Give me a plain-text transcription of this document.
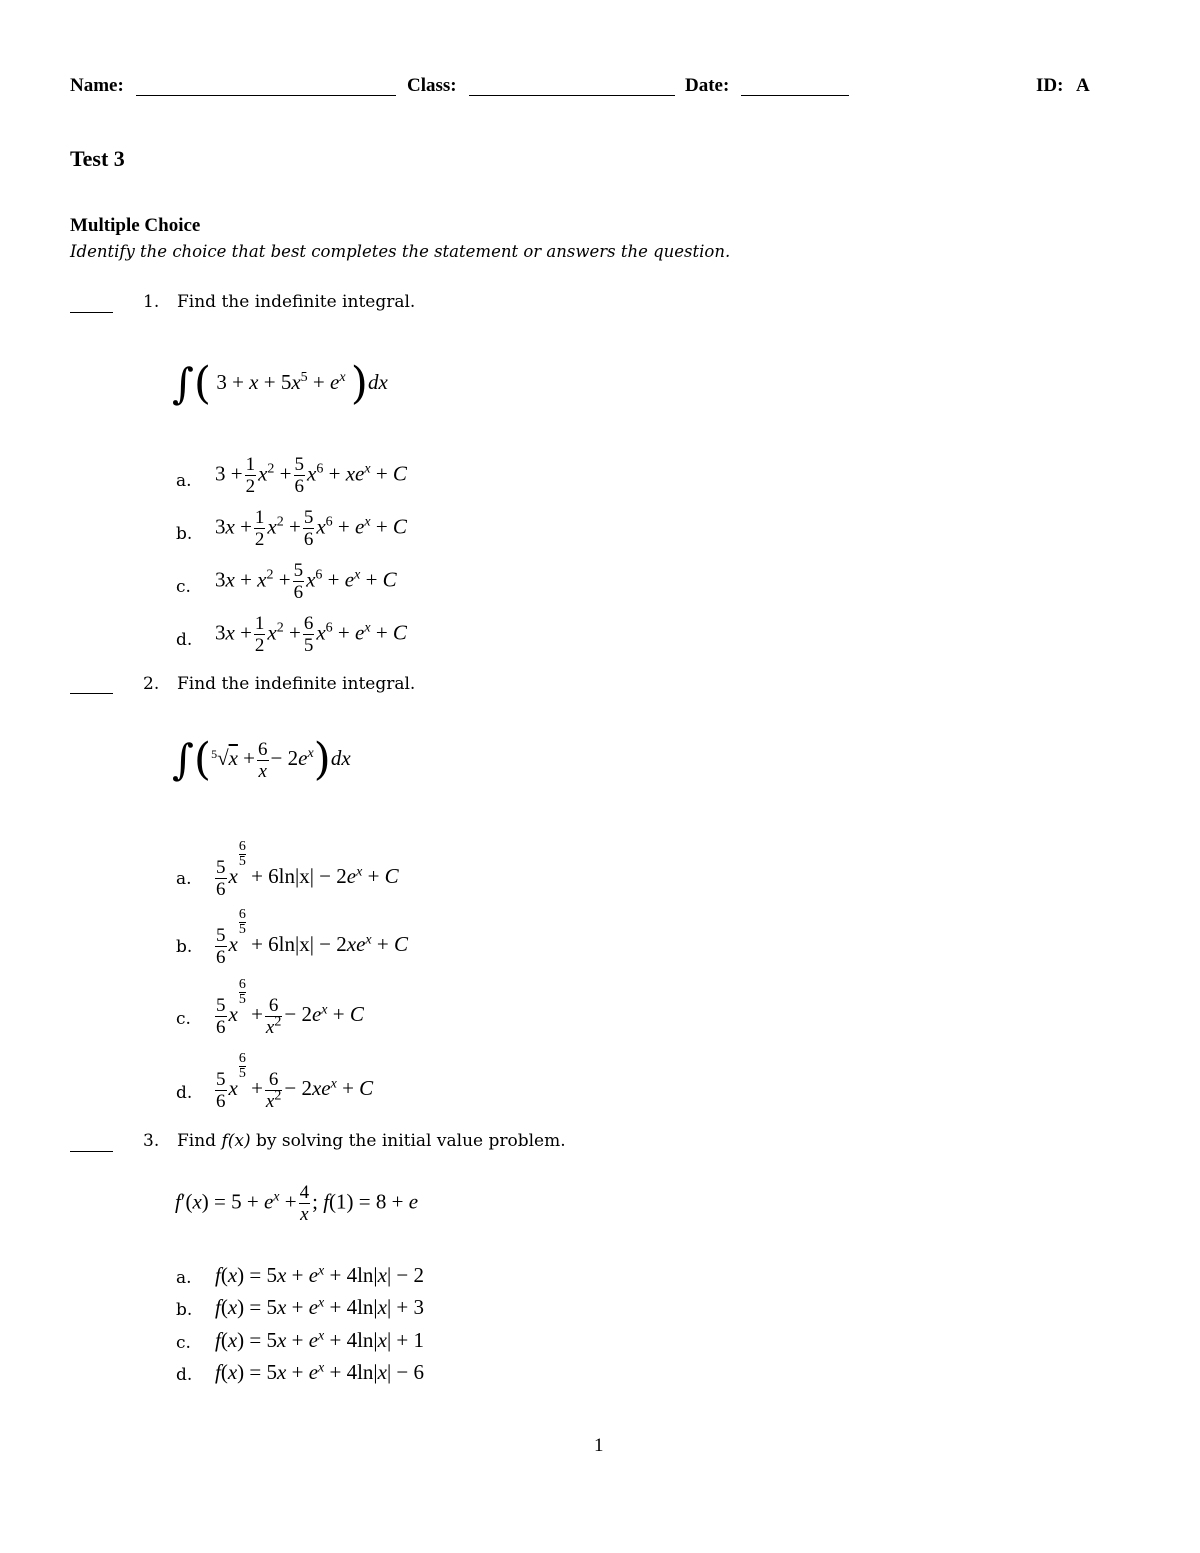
Name:	Class:	Date:	ID: A
Test 3
Multiple Choice
Identify the choice that best completes the statement or answers the question.
1. Find the indefinite integral.
∫( $3 + x + 5x^5 + e^x$ )dx
a. $3 + \frac{1}{2} x^2 + \frac{5}{6} x^6 + xe^x + C$
b. $3x + \frac{1}{2} x^2 + \frac{5}{6} x^6 + e^x + C$
c. $3x + x^2 + \frac{5}{6} x^6 + e^x + C$
d. $3x + \frac{1}{2} x^2 + \frac{6}{5} x^6 + e^x + C$
2. Find the indefinite integral.
$\int(^5√x + \frac{6}{x} - 2e^x)dx$
a. $\frac{5}{6}$ x
$\frac{6}{5}$
+ $6\ln|x| - 2e^x + C$
b. $\frac{5}{6}$ x
$\frac{6}{5}$
+ $6\ln|x| - 2xe^x + C$
c. $\frac{5}{6}$ x
$\frac{6}{5}$
+ $\frac{6}{x^2} - 2e^x + C$
d. $\frac{5}{6}$ x
$\frac{6}{5}$
+ $\frac{6}{x^2} - 2xe^x + C$
3. Find f(x) by solving the initial value problem.
$f'(x) = 5 + e^x + \frac{4}{x}$ ; f(1) = 8 + e
a. $f(x) = 5x + e^x + 4\ln|x| - 2$
b. $f(x) = 5x + e^x + 4\ln|x| + 3$
c. $f(x) = 5x + e^x + 4\ln|x| + 1$
d. $f(x) = 5x + e^x + 4\ln|x| - 6$
1
